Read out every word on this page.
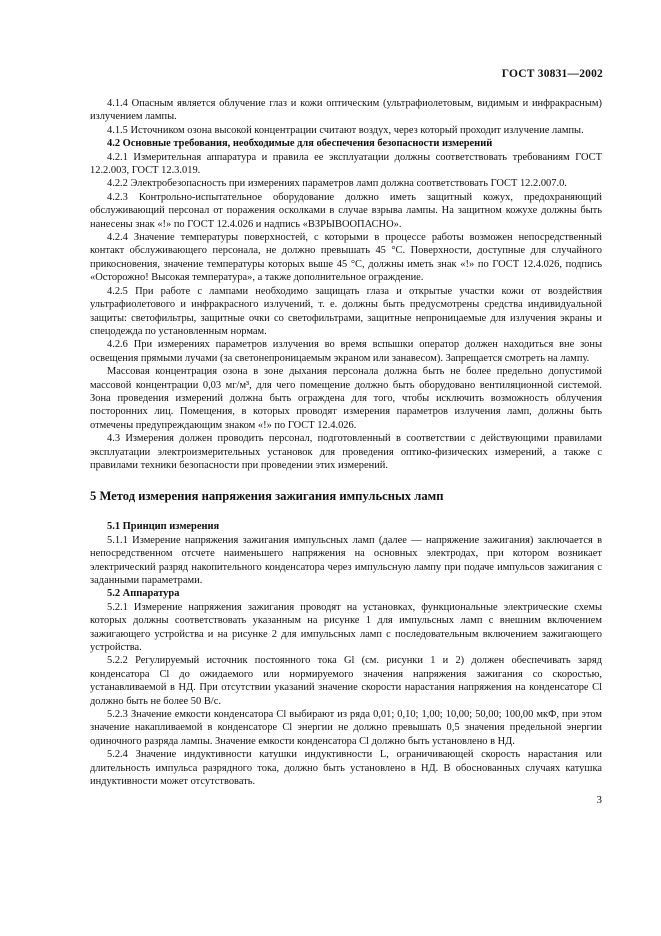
ГОСТ 30831—2002

4.1.4 Опасным является облучение глаз и кожи оптическим (ультрафиолетовым, видимым и инфракрасным) излучением лампы.

4.1.5 Источником озона высокой концентрации считают воздух, через который проходит излучение лампы.

4.2 Основные требования, необходимые для обеспечения безопасности измерений

4.2.1 Измерительная аппаратура и правила ее эксплуатации должны соответствовать требованиям ГОСТ 12.2.003, ГОСТ 12.3.019.

4.2.2 Электробезопасность при измерениях параметров ламп должна соответствовать ГОСТ 12.2.007.0.

4.2.3 Контрольно-испытательное оборудование должно иметь защитный кожух, предохраняющий обслуживающий персонал от поражения осколками в случае взрыва лампы. На защитном кожухе должны быть нанесены знак «!» по ГОСТ 12.4.026 и надпись «ВЗРЫВООПАСНО».

4.2.4 Значение температуры поверхностей, с которыми в процессе работы возможен непосредственный контакт обслуживающего персонала, не должно превышать 45 °С. Поверхности, доступные для случайного прикосновения, значение температуры которых выше 45 °С, должны иметь знак «!» по ГОСТ 12.4.026, подпись «Осторожно! Высокая температура», а также дополнительное ограждение.

4.2.5 При работе с лампами необходимо защищать глаза и открытые участки кожи от воздействия ультрафиолетового и инфракрасного излучений, т. е. должны быть предусмотрены средства индивидуальной защиты: светофильтры, защитные очки со светофильтрами, защитные непроницаемые для излучения экраны и спецодежда по установленным нормам.

4.2.6 При измерениях параметров излучения во время вспышки оператор должен находиться вне зоны освещения прямыми лучами (за светонепроницаемым экраном или занавесом). Запрещается смотреть на лампу.

Массовая концентрация озона в зоне дыхания персонала должна быть не более предельно допустимой массовой концентрации 0,03 мг/м³, для чего помещение должно быть оборудовано вентиляционной системой. Зона проведения измерений должна быть ограждена для того, чтобы исключить возможность облучения посторонних лиц. Помещения, в которых проводят измерения параметров излучения ламп, должны быть отмечены предупреждающим знаком «!» по ГОСТ 12.4.026.

4.3 Измерения должен проводить персонал, подготовленный в соответствии с действующими правилами эксплуатации электроизмерительных установок для проведения оптико-физических измерений, а также с правилами техники безопасности при проведении этих измерений.

5 Метод измерения напряжения зажигания импульсных ламп

5.1 Принцип измерения

5.1.1 Измерение напряжения зажигания импульсных ламп (далее — напряжение зажигания) заключается в непосредственном отсчете наименьшего напряжения на основных электродах, при котором возникает электрический разряд накопительного конденсатора через импульсную лампу при подаче импульсов зажигания с заданными параметрами.

5.2 Аппаратура

5.2.1 Измерение напряжения зажигания проводят на установках, функциональные электрические схемы которых должны соответствовать указанным на рисунке 1 для импульсных ламп с внешним включением зажигающего устройства и на рисунке 2 для импульсных ламп с последовательным включением зажигающего устройства.

5.2.2 Регулируемый источник постоянного тока Gl (см. рисунки 1 и 2) должен обеспечивать заряд конденсатора Cl до ожидаемого или нормируемого значения напряжения зажигания со скоростью, устанавливаемой в НД. При отсутствии указаний значение скорости нарастания напряжения на конденсаторе Cl должно быть не более 50 В/с.

5.2.3 Значение емкости конденсатора Cl выбирают из ряда 0,01; 0,10; 1,00; 10,00; 50,00; 100,00 мкФ, при этом значение накапливаемой в конденсаторе Cl энергии не должно превышать 0,5 значения предельной энергии одиночного разряда лампы. Значение емкости конденсатора Cl должно быть установлено в НД.

5.2.4 Значение индуктивности катушки индуктивности L, ограничивающей скорость нарастания или длительность импульса разрядного тока, должно быть установлено в НД. В обоснованных случаях катушка индуктивности может отсутствовать.

3
